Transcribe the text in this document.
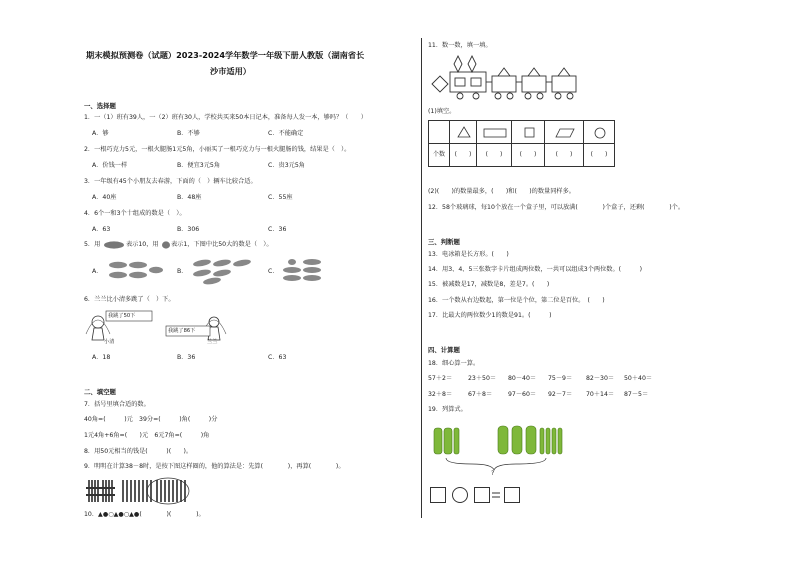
期末模拟预测卷（试题）2023-2024学年数学一年级下册人教版（湖南省长
沙市适用）
一、选择题
1．一（1）班有39人，一（2）班有30人，学校共买来50本日记本，准备每人发一本，够吗？（　　）
A．够	B．不够	C．不能确定
2．一根巧克力5元，一根火腿肠1元5角，小丽买了一根巧克力与一根火腿肠的钱，结果是（　）。
A．价钱一样	B．便宜3元5角	C．贵3元5角
3．一年级有45个小朋友去春游，下面的（　）辆车比较合适。
A．40座	B．48座	C．55座
4．6个一和3个十组成的数是（　）。
A．63	B．306	C．36
5．用	表示10，用 表示1，下图中比50大的数是（　）。
A．	B．	C．
6．兰兰比小清多跳了（　）下。
我跳了50下
我跳了86下
小清	兰兰
A．18	B．36	C．63
二、填空题
7．括号里填合适的数。
40角=(　　　)元　39分=(　　　)角(　　　)分
1元4角+6角=(　　)元　6元7角=(　　　)角
8．用50元相当的钱是(　　　)(　　)。
9．明明在计算38－8时，是按下图这样圈的，他的算法是：先算(　　　　)，再算(　　　　)。
10．▲●○▲●○▲●(　　　　)(　　　　)。
11．数一数，填一填。
(1)填空。
个数	(　　)	(　　)	(　　)	(　　)	(　　)
(2)(　　)的数量最多，(　　)和(　　)的数量同样多。
12．58个玻璃球，每10个放在一个盒子里，可以放满(　　　　)个盒子，还剩(　　　　)个。
三、判断题
13．电冰箱是长方形。(　　)
14．用3、4、5三张数字卡片组成两位数，一共可以组成3个两位数。(　　　)
15．被减数是17，减数是8，差是7。(　　)
16．一个数从右边数起，第一位是个位，第二位是百位。　(　　)
17．比最大的两位数少1的数是91。(　　　)
四、计算题
18．细心算一算。
57＋2＝	23＋50＝ 80－40＝ 75－9＝ 82－30＝ 50＋40＝
32＋8＝	67＋8＝	97－60＝ 92－7＝ 70＋14＝ 87－5＝
19．列算式。
?
